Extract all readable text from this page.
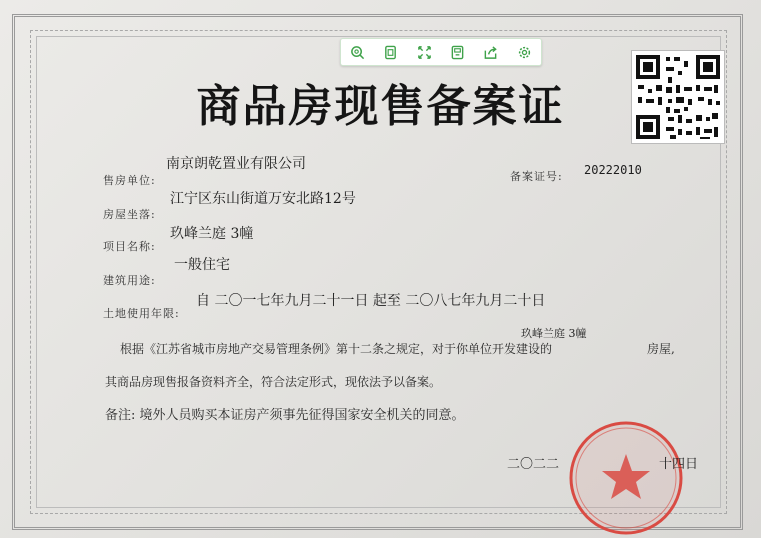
商品房现售备案证
南京朗乾置业有限公司
售房单位:	备案证号: 20222010
江宁区东山街道万安北路12号
房屋坐落:
玖峰兰庭 3幢
项目名称:
一般住宅
建筑用途:
自 二〇一七年九月二十一日 起至 二〇八七年九月二十日
土地使用年限:
玖峰兰庭 3幢
根据《江苏省城市房地产交易管理条例》第十二条之规定，对于你单位开发建设的	房屋,
其商品房现售报备资料齐全，符合法定形式，现依法予以备案。
备注: 境外人员购买本证房产须事先征得国家安全机关的同意。
二〇二二	十四日
